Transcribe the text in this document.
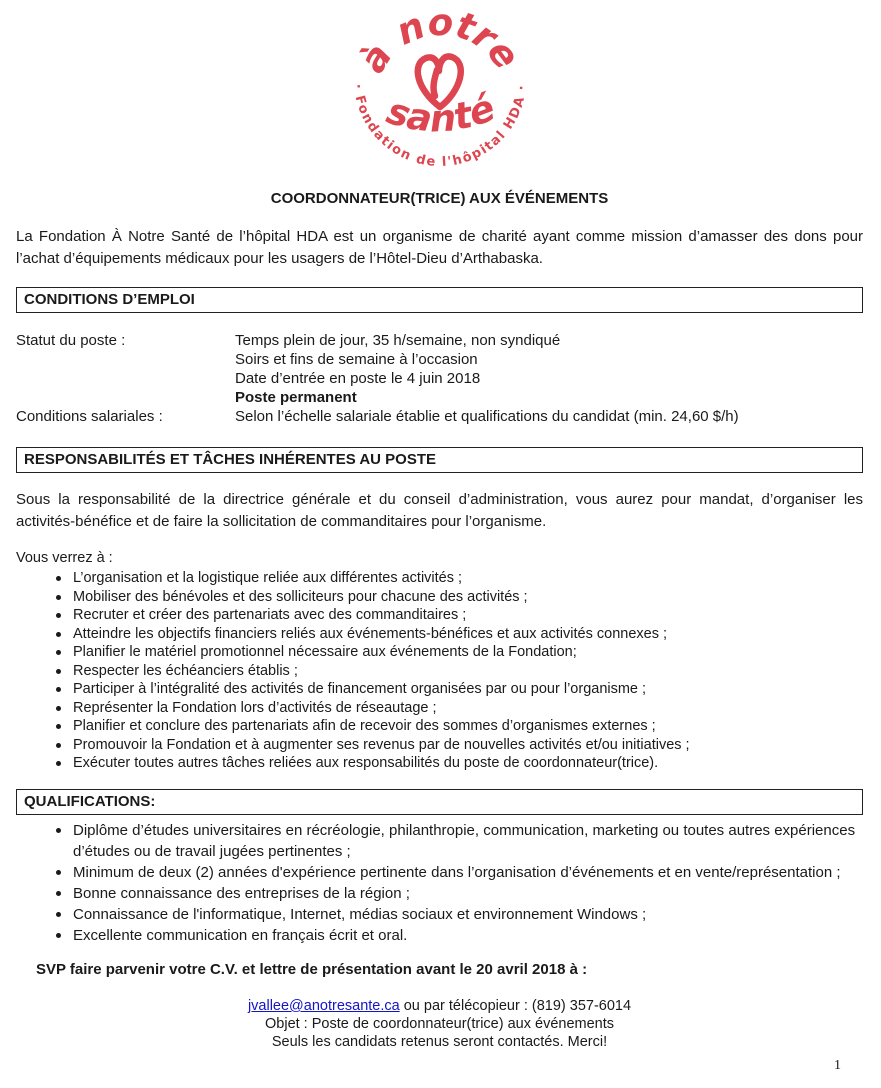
à notre
santé
· Fondation de l'hôpital HDA ·
COORDONNATEUR(TRICE) AUX ÉVÉNEMENTS

La Fondation À Notre Santé de l’hôpital HDA est un organisme de charité ayant comme mission d’amasser des dons pour l’achat d’équipements médicaux pour les usagers de l’Hôtel-Dieu d’Arthabaska.

CONDITIONS D’EMPLOI
Statut du poste :	Temps plein de jour, 35 h/semaine, non syndiqué
Soirs et fins de semaine à l’occasion
Date d’entrée en poste le 4 juin 2018
Poste permanent
Conditions salariales :	Selon l’échelle salariale établie et qualifications du candidat (min. 24,60 $/h)
RESPONSABILITÉS ET TÂCHES INHÉRENTES AU POSTE

Sous la responsabilité de la directrice générale et du conseil d’administration, vous aurez pour mandat, d’organiser les activités-bénéfice et de faire la sollicitation de commanditaires pour l’organisme.

Vous verrez à :
L’organisation et la logistique reliée aux différentes activités ;
Mobiliser des bénévoles et des solliciteurs pour chacune des activités ;
Recruter et créer des partenariats avec des commanditaires ;
Atteindre les objectifs financiers reliés aux événements-bénéfices et aux activités connexes ;
Planifier le matériel promotionnel nécessaire aux événements de la Fondation;
Respecter les échéanciers établis ;
Participer à l’intégralité des activités de financement organisées par ou pour l’organisme ;
Représenter la Fondation lors d’activités de réseautage ;
Planifier et conclure des partenariats afin de recevoir des sommes d’organismes externes ;
Promouvoir la Fondation et à augmenter ses revenus par de nouvelles activités et/ou initiatives ;
Exécuter toutes autres tâches reliées aux responsabilités du poste de coordonnateur(trice).
QUALIFICATIONS:
Diplôme d’études universitaires en récréologie, philanthropie, communication, marketing ou toutes autres expériences d’études ou de travail jugées pertinentes ;
Minimum de deux (2) années d'expérience pertinente dans l’organisation d’événements et en vente/représentation ;
Bonne connaissance des entreprises de la région ;
Connaissance de l'informatique, Internet, médias sociaux et environnement Windows ;
Excellente communication en français écrit et oral.

SVP faire parvenir votre C.V. et lettre de présentation avant le 20 avril 2018 à :

jvallee@anotresante.ca ou par télécopieur : (819) 357-6014
Objet : Poste de coordonnateur(trice) aux événements
Seuls les candidats retenus seront contactés. Merci!
1
